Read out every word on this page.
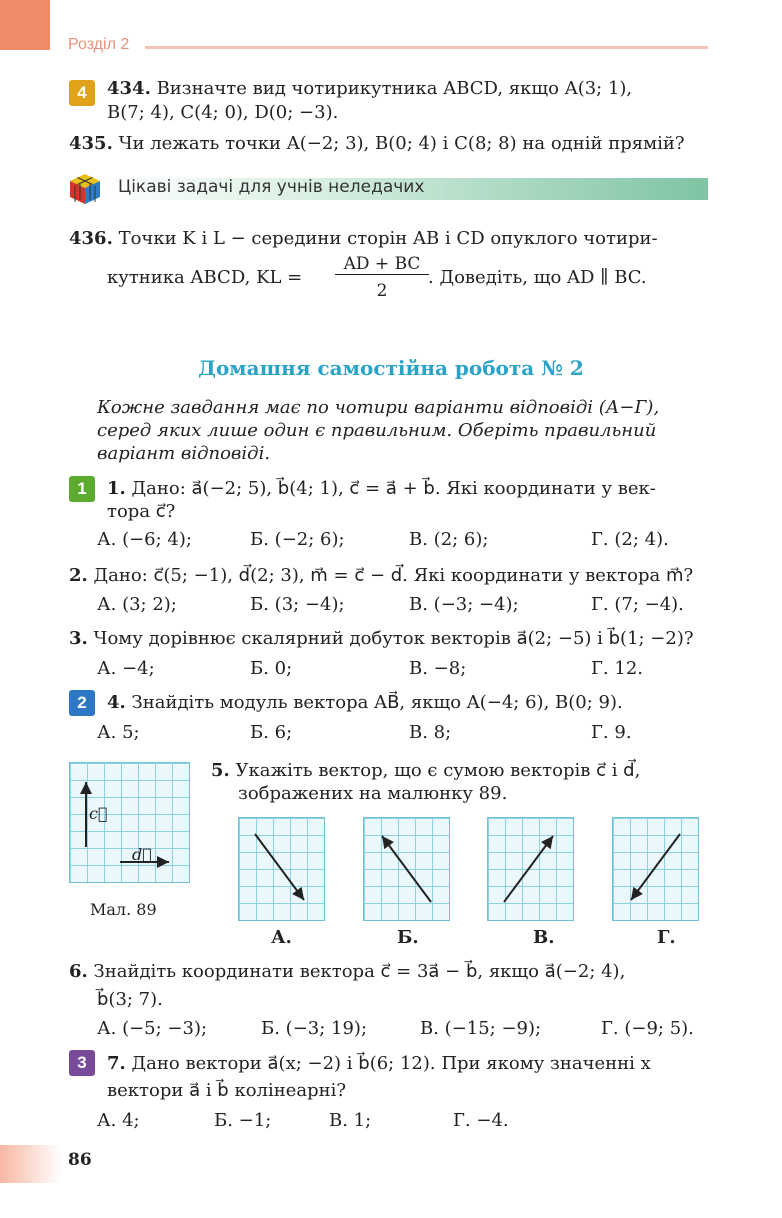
Розділ 2
4	434. Визначте вид чотирикутника ABCD, якщо A(3; 1),
B(7; 4), C(4; 0), D(0; −3).
435. Чи лежать точки A(−2; 3), B(0; 4) і C(8; 8) на одній прямій?
Цікаві задачі для учнів неледачих
436. Точки K і L − середини сторін AB і CD опуклого чотири-
кутника ABCD, KL =
AD + BC
2
. Доведіть, що AD ∥ BC.
Домашня самостійна робота № 2
Кожне завдання має по чотири варіанти відповіді (А−Г),
серед яких лише один є правильним. Оберіть правильний
варіант відповіді.
1	1. Дано: a⃗(−2; 5), b⃗(4; 1), c⃗ = a⃗ + b⃗. Які координати у век-
тора c⃗?
А. (−6; 4);	Б. (−2; 6);	В. (2; 6);	Г. (2; 4).
2. Дано: c⃗(5; −1), d⃗(2; 3), m⃗ = c⃗ − d⃗. Які координати у вектора m⃗?
А. (3; 2);	Б. (3; −4);	В. (−3; −4);	Г. (7; −4).
3. Чому дорівнює скалярний добуток векторів a⃗(2; −5) і b⃗(1; −2)?
А. −4;	Б. 0;	В. −8;	Г. 12.
2	4. Знайдіть модуль вектора AB⃗, якщо A(−4; 6), B(0; 9).
А. 5;	Б. 6;	В. 8;	Г. 9.
c⃗
d⃗
Мал. 89
5. Укажіть вектор, що є сумою векторів c⃗ і d⃗,
зображених на малюнку 89.
А.	Б.	В.	Г.
6. Знайдіть координати вектора c⃗ = 3a⃗ − b⃗, якщо a⃗(−2; 4),
b⃗(3; 7).
А. (−5; −3);	Б. (−3; 19);	В. (−15; −9);	Г. (−9; 5).
3	7. Дано вектори a⃗(x; −2) і b⃗(6; 12). При якому значенні x
вектори a⃗ і b⃗ колінеарні?
А. 4;	Б. −1;	В. 1;	Г. −4.
86
